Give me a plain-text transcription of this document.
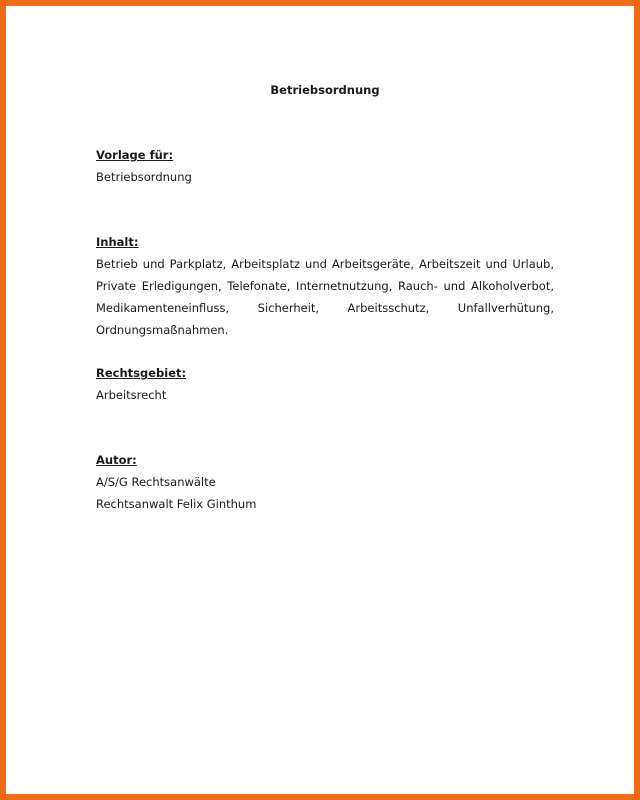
Betriebsordnung
Vorlage für:
Betriebsordnung
Inhalt:

Betrieb und Parkplatz, Arbeitsplatz und Arbeitsgeräte, Arbeitszeit und Urlaub, Private Erledigungen, Telefonate, Internetnutzung, Rauch- und Alkoholverbot, Medikamenteneinfluss, Sicherheit, Arbeitsschutz, Unfallverhütung, Ordnungsmaßnahmen.

Rechtsgebiet:
Arbeitsrecht
Autor:
A/S/G Rechtsanwälte
Rechtsanwalt Felix Ginthum
